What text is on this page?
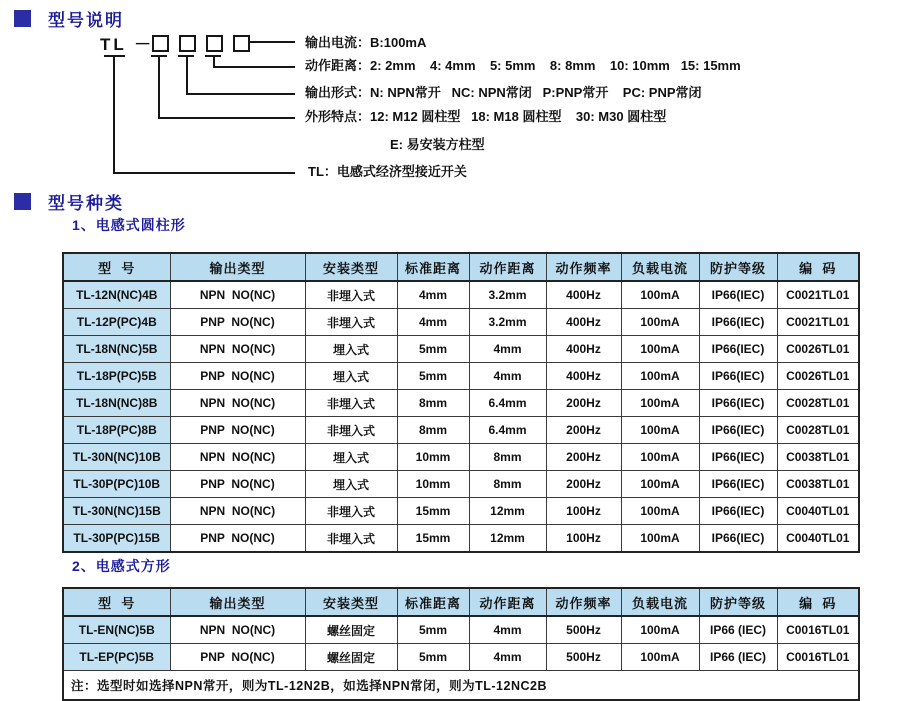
型号说明
TL －	输出电流： B:100mA
动作距离： 2: 2mm    4: 4mm    5: 5mm    8: 8mm    10: 10mm   15: 15mm
输出形式： N: NPN常开   NC: NPN常闭   P:PNP常开    PC: PNP常闭
外形特点： 12: M12 圆柱型   18: M18 圆柱型    30: M30 圆柱型
E: 易安装方柱型
TL：电感式经济型接近开关
型号种类
1、电感式圆柱形
型  号	输出类型	安装类型	标准距离	动作距离	动作频率	负载电流	防护等级	编  码
TL-12N(NC)4B	NPN  NO(NC)	非埋入式	4mm	3.2mm	400Hz	100mA	IP66(IEC)	C0021TL01
TL-12P(PC)4B	PNP  NO(NC)	非埋入式	4mm	3.2mm	400Hz	100mA	IP66(IEC)	C0021TL01
TL-18N(NC)5B	NPN  NO(NC)	埋入式	5mm	4mm	400Hz	100mA	IP66(IEC)	C0026TL01
TL-18P(PC)5B	PNP  NO(NC)	埋入式	5mm	4mm	400Hz	100mA	IP66(IEC)	C0026TL01
TL-18N(NC)8B	NPN  NO(NC)	非埋入式	8mm	6.4mm	200Hz	100mA	IP66(IEC)	C0028TL01
TL-18P(PC)8B	PNP  NO(NC)	非埋入式	8mm	6.4mm	200Hz	100mA	IP66(IEC)	C0028TL01
TL-30N(NC)10B	NPN  NO(NC)	埋入式	10mm	8mm	200Hz	100mA	IP66(IEC)	C0038TL01
TL-30P(PC)10B	PNP  NO(NC)	埋入式	10mm	8mm	200Hz	100mA	IP66(IEC)	C0038TL01
TL-30N(NC)15B	NPN  NO(NC)	非埋入式	15mm	12mm	100Hz	100mA	IP66(IEC)	C0040TL01
TL-30P(PC)15B	PNP  NO(NC)	非埋入式	15mm	12mm	100Hz	100mA	IP66(IEC)	C0040TL01
2、电感式方形
型  号	输出类型	安装类型	标准距离	动作距离	动作频率	负载电流	防护等级	编  码
TL-EN(NC)5B	NPN  NO(NC)	螺丝固定	5mm	4mm	500Hz	100mA	IP66 (IEC)	C0016TL01
TL-EP(PC)5B	PNP  NO(NC)	螺丝固定	5mm	4mm	500Hz	100mA	IP66 (IEC)	C0016TL01
注：选型时如选择NPN常开，则为TL-12N2B，如选择NPN常闭，则为TL-12NC2B								
